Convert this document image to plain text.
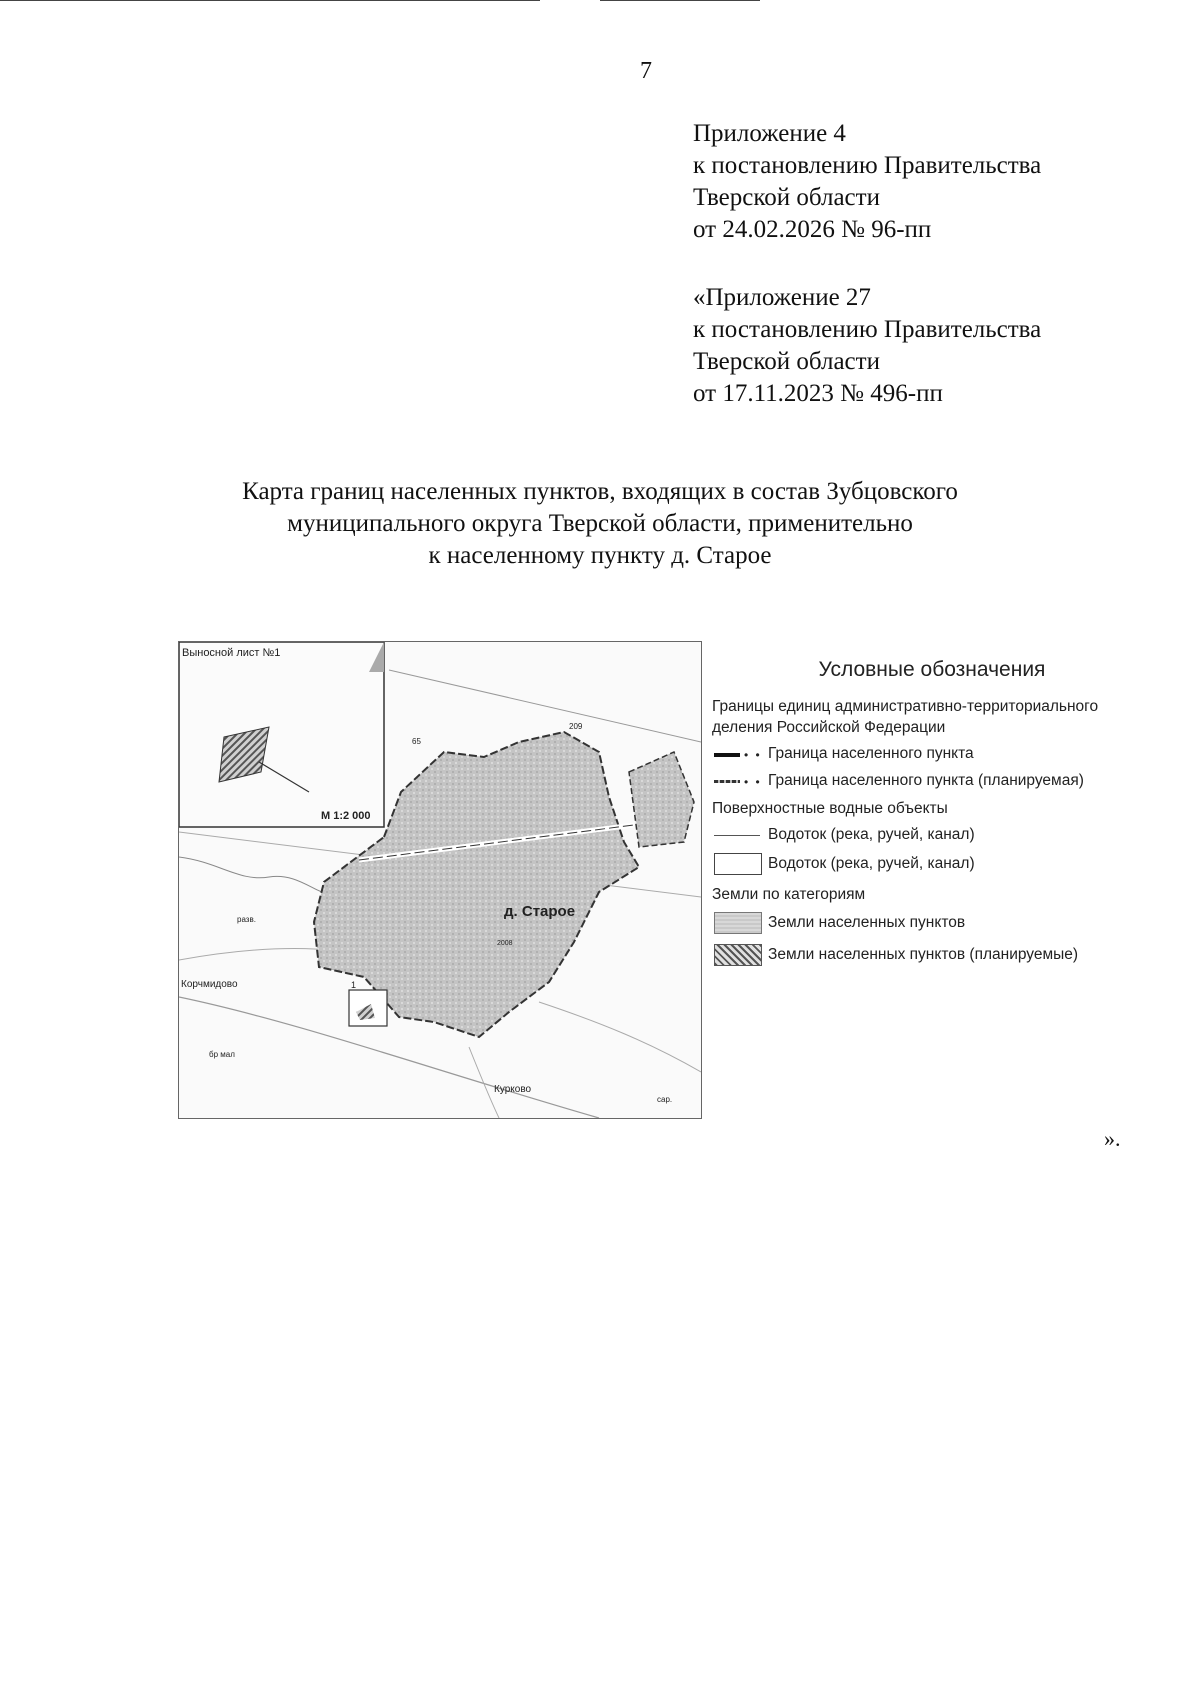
7
Приложение 4
к постановлению Правительства
Тверской области
от 24.02.2026 № 96-пп
«Приложение 27
к постановлению Правительства
Тверской области
от 17.11.2023 № 496-пп
Карта границ населенных пунктов, входящих в состав Зубцовского
муниципального округа Тверской области, применительно
к населенному пункту д. Старое
Выносной лист №1
М 1:2 000
д. Старое
Корчмидово
Курково
разв.
бр мал
сар.
65
209
2008
1
Условные обозначения
Границы единиц административно-территориального деления Российской Федерации
• • Граница населенного пункта
• • Граница населенного пункта (планируемая)
Поверхностные водные объекты
Водоток (река, ручей, канал)
Водоток (река, ручей, канал)
Земли по категориям
Земли населенных пунктов
Земли населенных пунктов (планируемые)
».
